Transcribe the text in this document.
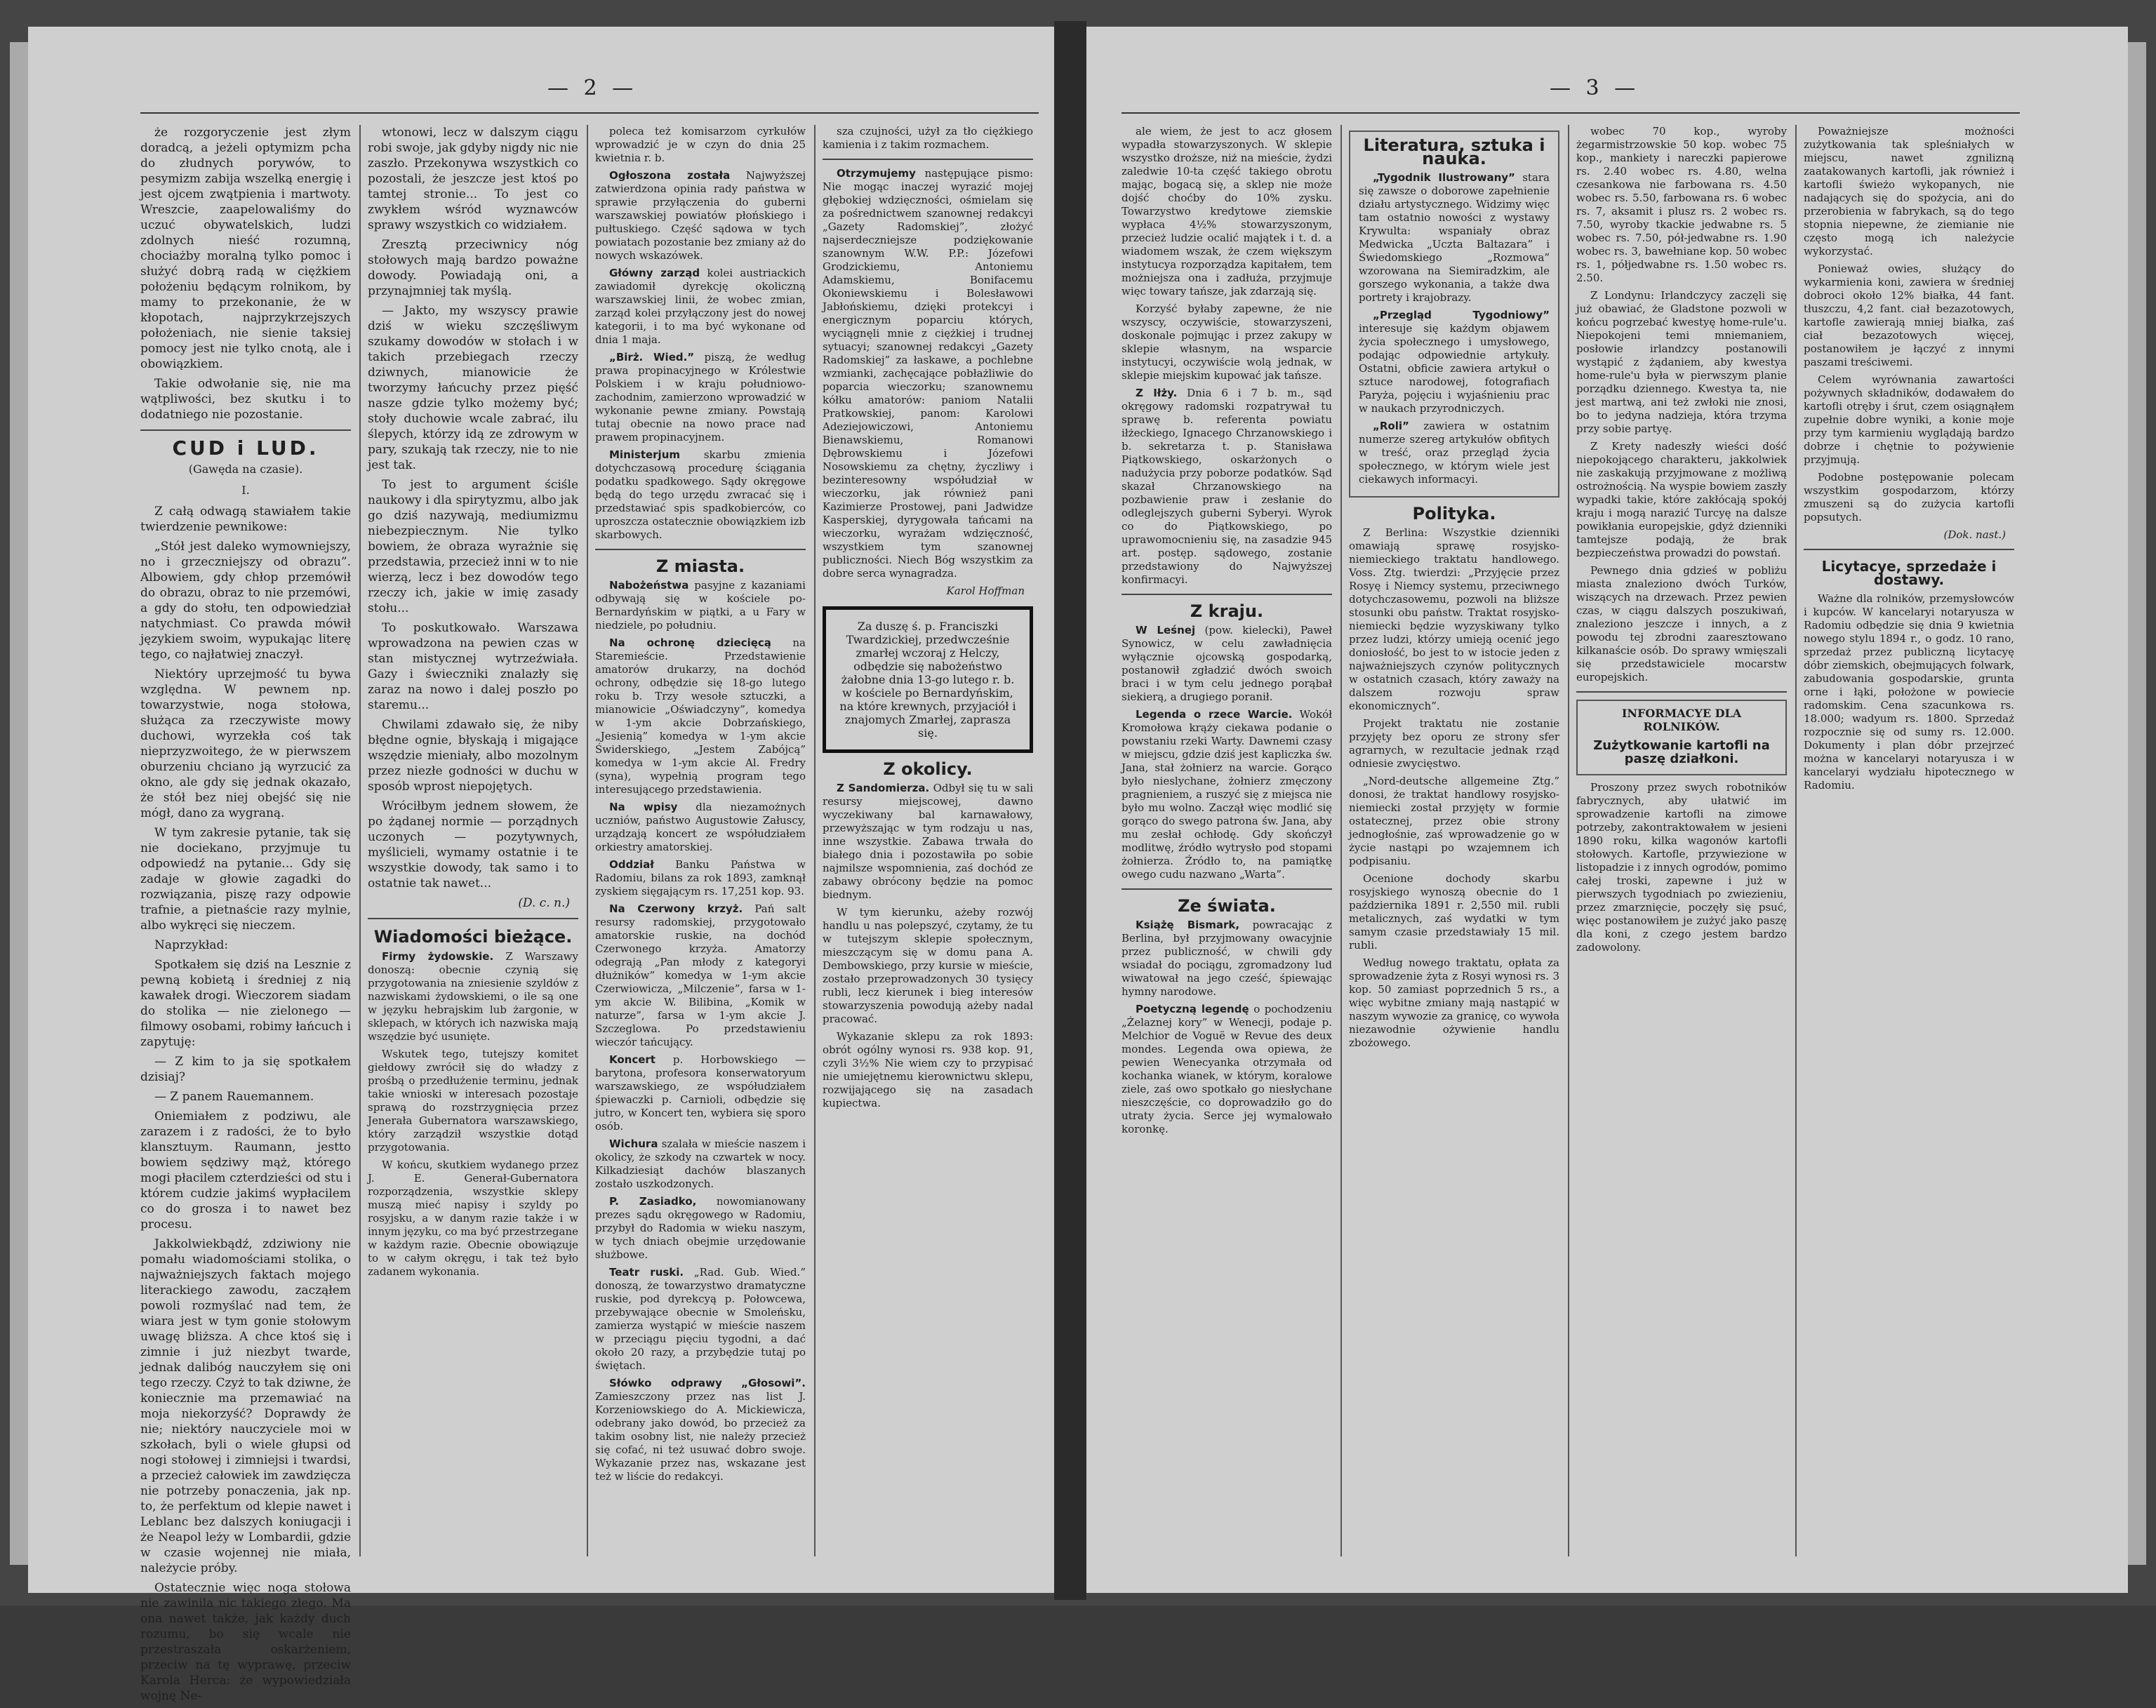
— 2 —

że rozgoryczenie jest złym doradcą, a jeżeli optymizm pcha do złudnych porywów, to pesymizm zabija wszelką energię i jest ojcem zwątpienia i martwoty. Wreszcie, zaapelowaliśmy do uczuć obywatelskich, ludzi zdolnych nieść rozumną, chociażby moralną tylko pomoc i służyć dobrą radą w ciężkiem położeniu będącym rolnikom, by mamy to przekonanie, że w kłopotach, najprzykrzejszych położeniach, nie sienie taksiej pomocy jest nie tylko cnotą, ale i obowiązkiem.

Takie odwołanie się, nie ma wątpliwości, bez skutku i to dodatniego nie pozostanie.

CUD i LUD.
(Gawęda na czasie).
I.

Z całą odwagą stawiałem takie twierdzenie pewnikowe:

„Stół jest daleko wymowniejszy, no i grzeczniejszy od obrazu”. Albowiem, gdy chłop przemówił do obrazu, obraz to nie przemówi, a gdy do stołu, ten odpowiedział natychmiast. Co prawda mówił językiem swoim, wypukając literę tego, co najłatwiej znaczył.

Niektóry uprzejmość tu bywa względna. W pewnem np. towarzystwie, noga stołowa, służąca za rzeczywiste mowy duchowi, wyrzekła coś tak nieprzyzwoitego, że w pierwszem oburzeniu chciano ją wyrzucić za okno, ale gdy się jednak okazało, że stół bez niej obejść się nie mógł, dano za wygraną.

W tym zakresie pytanie, tak się nie dociekano, przyjmuje tu odpowiedź na pytanie... Gdy się zadaje w głowie zagadki do rozwiązania, piszę razy odpowie trafnie, a pietnaście razy mylnie, albo wykręci się nieczem.

Naprzykład:

Spotkałem się dziś na Lesznie z pewną kobietą i średniej z nią kawałek drogi. Wieczorem siadam do stolika — nie zielonego — filmowy osobami, robimy łańcuch i zapytuję:

— Z kim to ja się spotkałem dzisiaj?

— Z panem Rauemannem.

Oniemiałem z podziwu, ale zarazem i z radości, że to było klansztuym. Raumann, jestto bowiem sędziwy mąż, którego mogi płacilem czterdzieści od stu i którem cudzie jakimś wypłacilem co do grosza i to nawet bez procesu.

Jakkolwiekbądź, zdziwiony nie pomału wiadomościami stolika, o najważniejszych faktach mojego literackiego zawodu, zacząłem powoli rozmyślać nad tem, że wiara jest w tym gonie stołowym uwagę bliższa. A chce ktoś się i zimnie i już niezbyt twarde, jednak dalibóg nauczyłem się oni tego rzeczy. Czyż to tak dziwne, że koniecznie ma przemawiać na moja niekorzyść? Doprawdy że nie; niektóry nauczyciele moi w szkołach, byli o wiele głupsi od nogi stołowej i zimniejsi i twardsi, a przecież całowiek im zawdzięcza nie potrzeby ponaczenia, jak np. to, że perfektum od klepie nawet i Leblanc bez dalszych koniugacji i że Neapol leży w Lombardii, gdzie w czasie wojennej nie miała, należycie próby.

Ostatecznie więc noga stołowa nie zawinila nic takiego złego. Ma ona nawet także, jak każdy duch rozumu, bo się wcale nie przestraszała oskarżeniem, przeciw na tę wyprawę, przeciw Karola Herca: że wypowiedziała wojnę Ne-

wtonowi, lecz w dalszym ciągu robi swoje, jak gdyby nigdy nic nie zaszło. Przekonywa wszystkich co pozostali, że jeszcze jest ktoś po tamtej stronie... To jest co zwykłem wśród wyznawców sprawy wszystkich co widziałem.

Zresztą przeciwnicy nóg stołowych mają bardzo poważne dowody. Powiadają oni, a przynajmniej tak myślą.

— Jakto, my wszyscy prawie dziś w wieku szczęśliwym szukamy dowodów w stołach i w takich przebiegach rzeczy dziwnych, mianowicie że tworzymy łańcuchy przez pięść nasze gdzie tylko możemy być; stoły duchowie wcale zabrać, ilu ślepych, którzy idą ze zdrowym w pary, szukają tak rzeczy, nie to nie jest tak.

To jest to argument ściśle naukowy i dla spirytyzmu, albo jak go dziś nazywają, mediumizmu niebezpiecznym. Nie tylko bowiem, że obraza wyrażnie się przedstawia, przecież inni w to nie wierzą, lecz i bez dowodów tego rzeczy ich, jakie w imię zasady stołu...

To poskutkowało. Warszawa wprowadzona na pewien czas w stan mistycznej wytrzeźwiała. Gazy i świeczniki znalazły się zaraz na nowo i dalej poszło po staremu...

Chwilami zdawało się, że niby błędne ognie, błyskają i migające wszędzie mieniały, albo mozolnym przez niezłe godności w duchu w sposób wprost niepojętych.

Wróciłbym jednem słowem, że po żądanej normie — porządnych uczonych — pozytywnych, myślicieli, wymamy ostatnie i te wszystkie dowody, tak samo i to ostatnie tak nawet...

(D. c. n.)
Wiadomości bieżące.

Firmy żydowskie. Z Warszawy donoszą: obecnie czynią się przygotowania na zniesienie szyldów z nazwiskami żydowskiemi, o ile są one w języku hebrajskim lub żargonie, w sklepach, w których ich nazwiska mają wszędzie być usunięte.

Wskutek tego, tutejszy komitet giełdowy zwrócił się do władzy z prośbą o przedłużenie terminu, jednak takie wnioski w interesach pozostaje sprawą do rozstrzygnięcia przez Jenerała Gubernatora warszawskiego, który zarządził wszystkie dotąd przygotowania.

W końcu, skutkiem wydanego przez J. E. Generał-Gubernatora rozporządzenia, wszystkie sklepy muszą mieć napisy i szyldy po rosyjsku, a w danym razie także i w innym języku, co ma być przestrzegane w każdym razie. Obecnie obowiązuje to w całym okręgu, i tak też było zadanem wykonania.

poleca też komisarzom cyrkułów wprowadzić je w czyn do dnia 25 kwietnia r. b.

Ogłoszona została Najwyższej zatwierdzona opinia rady państwa w sprawie przyłączenia do guberni warszawskiej powiatów płońskiego i pułtuskiego. Część sądowa w tych powiatach pozostanie bez zmiany aż do nowych wskazówek.

Główny zarząd kolei austriackich zawiadomił dyrekcję okoliczną warszawskiej linii, że wobec zmian, zarząd kolei przyłączony jest do nowej kategorii, i to ma być wykonane od dnia 1 maja.

„Birż. Wied.” piszą, że według prawa propinacyjnego w Królestwie Polskiem i w kraju południowo-zachodnim, zamierzono wprowadzić w wykonanie pewne zmiany. Powstają tutaj obecnie na nowo prace nad prawem propinacyjnem.

Ministerjum skarbu zmienia dotychczasową procedurę ściągania podatku spadkowego. Sądy okręgowe będą do tego urzędu zwracać się i przedstawiać spis spadkobierców, co uproszcza ostatecznie obowiązkiem izb skarbowych.

Z miasta.

Nabożeństwa pasyjne z kazaniami odbywają się w kościele po-Bernardyńskim w piątki, a u Fary w niedziele, po południu.

Na ochronę dziecięcą na Staremieście. Przedstawienie amatorów drukarzy, na dochód ochrony, odbędzie się 18-go lutego roku b. Trzy wesołe sztuczki, a mianowicie „Oświadczyny”, komedya w 1-ym akcie Dobrzańskiego, „Jesienią” komedya w 1-ym akcie Świderskiego, „Jestem Zabójcą” komedya w 1-ym akcie Al. Fredry (syna), wypełnią program tego interesującego przedstawienia.

Na wpisy dla niezamożnych uczniów, państwo Augustowie Załuscy, urządzają koncert ze współudziałem orkiestry amatorskiej.

Oddział Banku Państwa w Radomiu, bilans za rok 1893, zamknął zyskiem sięgającym rs. 17,251 kop. 93.

Na Czerwony krzyż. Pań salt resursy radomskiej, przygotowało amatorskie ruskie, na dochód Czerwonego krzyża. Amatorzy odegrają „Pan młody z kategoryi dłużników” komedya w 1-ym akcie Czerwiowicza, „Milczenie”, farsa w 1-ym akcie W. Bilibina, „Komik w naturze”, farsa w 1-ym akcie J. Szczeglowa. Po przedstawieniu wieczór tańcujący.

Koncert p. Horbowskiego — barytona, profesora konserwatoryum warszawskiego, ze współudziałem śpiewaczki p. Carnioli, odbędzie się jutro, w Koncert ten, wybiera się sporo osób.

Wichura szalała w mieście naszem i okolicy, że szkody na czwartek w nocy. Kilkadziesiąt dachów blaszanych zostało uszkodzonych.

P. Zasiadko, nowomianowany prezes sądu okręgowego w Radomiu, przybył do Radomia w wieku naszym, w tych dniach obejmie urzędowanie służbowe.

Teatr ruski. „Rad. Gub. Wied.” donoszą, że towarzystwo dramatyczne ruskie, pod dyrekcyą p. Połowcewa, przebywające obecnie w Smoleńsku, zamierza wystąpić w mieście naszem w przeciągu pięciu tygodni, a dać około 20 razy, a przybędzie tutaj po świętach.

Słówko odprawy „Głosowi”. Zamieszczony przez nas list J. Korzeniowskiego do A. Mickiewicza, odebrany jako dowód, bo przecież za takim osobny list, nie należy przecież się cofać, ni też usuwać dobro swoje. Wykazanie przez nas, wskazane jest też w liście do redakcyi.

sza czujności, użył za tło ciężkiego kamienia i z takim rozmachem.

Otrzymujemy następujące pismo: Nie mogąc inaczej wyrazić mojej głębokiej wdzięczności, ośmielam się za pośrednictwem szanownej redakcyi „Gazety Radomskiej”, złożyć najserdeczniejsze podziękowanie szanownym W.W. P.P.: Józefowi Grodzickiemu, Antoniemu Adamskiemu, Bonifacemu Okoniewskiemu i Bolesławowi Jabłońskiemu, dzięki protekcyi i energicznym poparciu których, wyciągnęli mnie z ciężkiej i trudnej sytuacyi; szanownej redakcyi „Gazety Radomskiej” za łaskawe, a pochlebne wzmianki, zachęcające pobłażliwie do poparcia wieczorku; szanownemu kółku amatorów: paniom Natalii Pratkowskiej, panom: Karolowi Adeziejowiczowi, Antoniemu Bienawskiemu, Romanowi Dębrowskiemu i Józefowi Nosowskiemu za chętny, życzliwy i bezinteresowny współudział w wieczorku, jak również pani Kazimierze Prostowej, pani Jadwidze Kasperskiej, dyrygowała tańcami na wieczorku, wyrażam wdzięczność, wszystkiem tym szanownej publiczności. Niech Bóg wszystkim za dobre serca wynagradza.

Karol Hoffman
Za duszę ś. p. Franciszki Twardzickiej, przedwcześnie zmarłej wczoraj z Helczy, odbędzie się nabożeństwo żałobne dnia 13-go lutego r. b. w kościele po Bernardyńskim, na które krewnych, przyjaciół i znajomych Zmarłej, zaprasza się.
Z okolicy.

Z Sandomierza. Odbył się tu w sali resursy miejscowej, dawno wyczekiwany bal karnawałowy, przewyższając w tym rodzaju u nas, inne wszystkie. Zabawa trwała do białego dnia i pozostawiła po sobie najmilsze wspomnienia, zaś dochód ze zabawy obrócony będzie na pomoc biednym.

W tym kierunku, ażeby rozwój handlu u nas polepszyć, czytamy, że tu w tutejszym sklepie społecznym, mieszczącym się w domu pana A. Dembowskiego, przy kursie w mieście, zostało przeprowadzonych 30 tysięcy rubli, lecz kierunek i bieg interesów stowarzyszenia powodują ażeby nadal pracować.

Wykazanie sklepu za rok 1893: obrót ogólny wynosi rs. 938 kop. 91, czyli 3½% Nie wiem czy to przypisać nie umiejętnemu kierownictwu sklepu, rozwijającego się na zasadach kupiectwa.

— 3 —

ale wiem, że jest to acz głosem wypadła stowarzyszonych. W sklepie wszystko droższe, niż na mieście, żydzi zaledwie 10-ta część takiego obrotu mając, bogacą się, a sklep nie może dojść choćby do 10% zysku. Towarzystwo kredytowe ziemskie wypłaca 4½% stowarzyszonym, przecież ludzie ocalić majątek i t. d. a wiadomem wszak, że czem większym instytucya rozporządza kapitałem, tem możniejsza ona i zadłuża, przyjmuje więc towary tańsze, jak zdarzają się.

Korzyść byłaby zapewne, że nie wszyscy, oczywiście, stowarzyszeni, doskonale pojmując i przez zakupy w sklepie własnym, na wsparcie instytucyi, oczywiście wolą jednak, w sklepie miejskim kupować jak tańsze.

Z Iłży. Dnia 6 i 7 b. m., sąd okręgowy radomski rozpatrywał tu sprawę b. referenta powiatu iłżeckiego, Ignacego Chrzanowskiego i b. sekretarza t. p. Stanisława Piątkowskiego, oskarżonych o nadużycia przy poborze podatków. Sąd skazał Chrzanowskiego na pozbawienie praw i zesłanie do odleglejszych guberni Syberyi. Wyrok co do Piątkowskiego, po uprawomocnieniu się, na zasadzie 945 art. postęp. sądowego, zostanie przedstawiony do Najwyższej konfirmacyi.

Z kraju.

W Leśnej (pow. kielecki), Paweł Synowicz, w celu zawładnięcia wyłącznie ojcowską gospodarką, postanowił zgładzić dwóch swoich braci i w tym celu jednego porąbał siekierą, a drugiego poranił.

Legenda o rzece Warcie. Wokół Kromołowa krąży ciekawa podanie o powstaniu rzeki Warty. Dawnemi czasy w miejscu, gdzie dziś jest kapliczka św. Jana, stał żołnierz na warcie. Gorąco było nieslychane, żołnierz zmęczony pragnieniem, a ruszyć się z miejsca nie było mu wolno. Zaczął więc modlić się gorąco do swego patrona św. Jana, aby mu zesłał ochłodę. Gdy skończył modlitwę, źródło wytrysło pod stopami żołnierza. Źródło to, na pamiątkę owego cudu nazwano „Warta”.

Ze świata.

Książę Bismark, powracając z Berlina, był przyjmowany owacyjnie przez publiczność, w chwili gdy wsiadał do pociągu, zgromadzony lud wiwatował na jego cześć, śpiewając hymny narodowe.

Poetyczną legendę o pochodzeniu „Żelaznej kory” w Wenecji, podaje p. Melchior de Voguë w Revue des deux mondes. Legenda owa opiewa, że pewien Wenecyanka otrzymała od kochanka wianek, w którym, koralowe ziele, zaś owo spotkało go niesłychane nieszczęście, co doprowadziło go do utraty życia. Serce jej wymalowało koronkę.

Literatura, sztuka i nauka.

„Tygodnik Ilustrowany” stara się zawsze o doborowe zapełnienie działu artystycznego. Widzimy więc tam ostatnio nowości z wystawy Krywulta: wspaniały obraz Medwicka „Uczta Baltazara” i Świedomskiego „Rozmowa” wzorowana na Siemiradzkim, ale gorszego wykonania, a także dwa portrety i krajobrazy.

„Przegląd Tygodniowy” interesuje się każdym objawem życia społecznego i umysłowego, podając odpowiednie artykuły. Ostatni, obficie zawiera artykuł o sztuce narodowej, fotografiach Paryża, pojęciu i wyjaśnieniu prac w naukach przyrodniczych.

„Roli” zawiera w ostatnim numerze szereg artykułów obfitych w treść, oraz przegląd życia społecznego, w którym wiele jest ciekawych informacyi.

Polityka.

Z Berlina: Wszystkie dzienniki omawiają sprawę rosyjsko-niemieckiego traktatu handlowego. Voss. Ztg. twierdzi: „Przyjęcie przez Rosyę i Niemcy systemu, przeciwnego dotychczasowemu, pozwoli na bliższe stosunki obu państw. Traktat rosyjsko-niemiecki będzie wyzyskiwany tylko przez ludzi, którzy umieją ocenić jego doniosłość, bo jest to w istocie jeden z najważniejszych czynów politycznych w ostatnich czasach, który zaważy na dalszem rozwoju spraw ekonomicznych”.

Projekt traktatu nie zostanie przyjęty bez oporu ze strony sfer agrarnych, w rezultacie jednak rząd odniesie zwycięstwo.

„Nord-deutsche allgemeine Ztg.” donosi, że traktat handlowy rosyjsko-niemiecki został przyjęty w formie ostatecznej, przez obie strony jednogłośnie, zaś wprowadzenie go w życie nastąpi po wzajemnem ich podpisaniu.

Ocenione dochody skarbu rosyjskiego wynoszą obecnie do 1 października 1891 r. 2,550 mil. rubli metalicznych, zaś wydatki w tym samym czasie przedstawiały 15 mil. rubli.

Według nowego traktatu, opłata za sprowadzenie żyta z Rosyi wynosi rs. 3 kop. 50 zamiast poprzednich 5 rs., a więc wybitne zmiany mają nastąpić w naszym wywozie za granicę, co wywoła niezawodnie ożywienie handlu zbożowego.

wobec 70 kop., wyroby żegarmistrzowskie 50 kop. wobec 75 kop., mankiety i nareczki papierowe rs. 2.40 wobec rs. 4.80, welna czesankowa nie farbowana rs. 4.50 wobec rs. 5.50, farbowana rs. 6 wobec rs. 7, aksamit i plusz rs. 2 wobec rs. 7.50, wyroby tkackie jedwabne rs. 5 wobec rs. 7.50, pół-jedwabne rs. 1.90 wobec rs. 3, bawełniane kop. 50 wobec rs. 1, półjedwabne rs. 1.50 wobec rs. 2.50.

Z Londynu: Irlandczycy zaczęli się już obawiać, że Gladstone pozwoli w końcu pogrzebać kwestyę home-rule'u. Niepokojeni temi mniemaniem, posłowie irlandzcy postanowili wystąpić z żądaniem, aby kwestya home-rule'u była w pierwszym planie porządku dziennego. Kwestya ta, nie jest martwą, ani też zwłoki nie znosi, bo to jedyna nadzieja, która trzyma przy sobie partyę.

Z Krety nadeszły wieści dość niepokojącego charakteru, jakkolwiek nie zaskakują przyjmowane z możliwą ostrożnością. Na wyspie bowiem zaszły wypadki takie, które zakłócają spokój kraju i mogą narazić Turcyę na dalsze powikłania europejskie, gdyż dzienniki tamtejsze podają, że brak bezpieczeństwa prowadzi do powstań.

Pewnego dnia gdzieś w pobliżu miasta znaleziono dwóch Turków, wiszących na drzewach. Przez pewien czas, w ciągu dalszych poszukiwań, znaleziono jeszcze i innych, a z powodu tej zbrodni zaaresztowano kilkanaście osób. Do sprawy wmięszali się przedstawiciele mocarstw europejskich.

INFORMACYE DLA ROLNIKÓW.
Zużytkowanie kartofli na paszę działkoni.

Proszony przez swych robotników fabrycznych, aby ułatwić im sprowadzenie kartofli na zimowe potrzeby, zakontraktowałem w jesieni 1890 roku, kilka wagonów kartofli stołowych. Kartofle, przywiezione w listopadzie i z innych ogrodów, pomimo całej troski, zapewne i już w pierwszych tygodniach po zwiezieniu, przez zmarznięcie, poczęły się psuć, więc postanowiłem je zużyć jako paszę dla koni, z czego jestem bardzo zadowolony.

Poważniejsze możności zużytkowania tak spleśniałych w miejscu, nawet zgnilizną zaatakowanych kartofli, jak również i kartofli świeżo wykopanych, nie nadających się do spożycia, ani do przerobienia w fabrykach, są do tego stopnia niepewne, że ziemianie nie często mogą ich należycie wykorzystać.

Ponieważ owies, służący do wykarmienia koni, zawiera w średniej dobroci około 12% białka, 44 fant. tłuszczu, 4,2 fant. ciał bezazotowych, kartofle zawierają mniej białka, zaś ciał bezazotowych więcej, postanowiłem je łączyć z innymi paszami treściwemi.

Celem wyrównania zawartości pożywnych składników, dodawałem do kartofli otręby i śrut, czem osiągnąłem zupełnie dobre wyniki, a konie moje przy tym karmieniu wyglądają bardzo dobrze i chętnie to pożywienie przyjmują.

Podobne postępowanie polecam wszystkim gospodarzom, którzy zmuszeni są do zużycia kartofli popsutych.

(Dok. nast.)
Licytacye, sprzedaże i dostawy.

Ważne dla rolników, przemysłowców i kupców. W kancelaryi notaryusza w Radomiu odbędzie się dnia 9 kwietnia nowego stylu 1894 r., o godz. 10 rano, sprzedaż przez publiczną licytacyę dóbr ziemskich, obejmujących folwark, zabudowania gospodarskie, grunta orne i łąki, położone w powiecie radomskim. Cena szacunkowa rs. 18.000; wadyum rs. 1800. Sprzedaż rozpocznie się od sumy rs. 12.000. Dokumenty i plan dóbr przejrzeć można w kancelaryi notaryusza i w kancelaryi wydziału hipotecznego w Radomiu.
